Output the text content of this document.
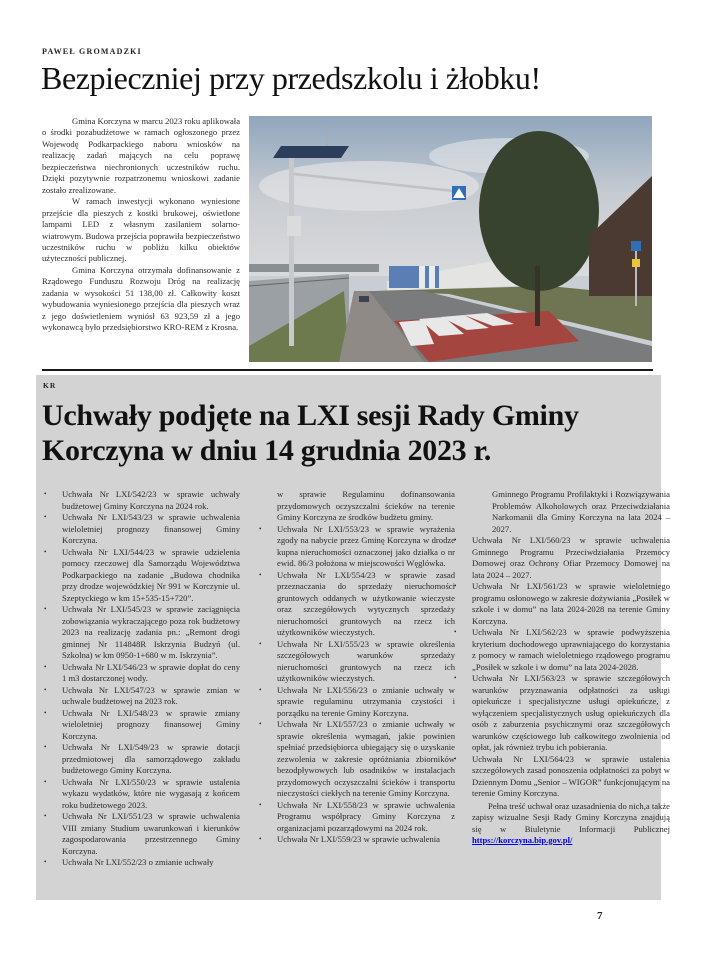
PAWEŁ GROMADZKI
Bezpieczniej przy przedszkolu i żłobku!

Gmina Korczyna w marcu 2023 roku aplikowała o środki pozabudżetowe w ramach ogłoszonego przez Wojewodę Podkarpackiego naboru wniosków na realizację zadań mających na celu poprawę bezpieczeństwa niechronionych uczestników ruchu. Dzięki pozytywnie rozpatrzonemu wnioskowi zadanie zostało zrealizowane.

W ramach inwestycji wykonano wyniesione przejście dla pieszych z kostki brukowej, oświetlone lampami LED z własnym zasilaniem solarno-wiatrowym. Budowa przejścia poprawiła bezpieczeństwo uczestników ruchu w pobliżu kilku obiektów użyteczności publicznej.

Gmina Korczyna otrzymała dofinansowanie z Rządowego Funduszu Rozwoju Dróg na realizację zadania w wysokości 51 138,00 zł. Całkowity koszt wybudowania wyniesionego przejścia dla pieszych wraz z jego doświetleniem wyniósł 63 923,59 zł a jego wykonawcą było przedsiębiorstwo KRO-REM z Krosna.

KR
Uchwały podjęte na LXI sesji Rady Gminy Korczyna w dniu 14 grudnia 2023 r.
• Uchwała Nr LXI/542/23 w sprawie uchwały budżetowej Gminy Korczyna na 2024 rok.
• Uchwała Nr LXI/543/23 w sprawie uchwalenia wieloletniej prognozy finansowej Gminy Korczyna.
• Uchwała Nr LXI/544/23 w sprawie udzielenia pomocy rzeczowej dla Samorządu Województwa Podkarpackiego na zadanie „Budowa chodnika przy drodze wojewódzkiej Nr 991 w Korczynie ul. Szeptyckiego w km 15+535-15+720”.
• Uchwała Nr LXI/545/23 w sprawie zaciągnięcia zobowiązania wykraczającego poza rok budżetowy 2023 na realizację zadania pn.: „Remont drogi gminnej Nr 114848R Iskrzynia Budzyń (ul. Szkolna) w km 0950-1+680 w m. Iskrzynia”.
• Uchwała Nr LXI/546/23 w sprawie dopłat do ceny 1 m3 dostarczonej wody.
• Uchwała Nr LXI/547/23 w sprawie zmian w uchwale budżetowej na 2023 rok.
• Uchwała Nr LXI/548/23 w sprawie zmiany wieloletniej prognozy finansowej Gminy Korczyna.
• Uchwała Nr LXI/549/23 w sprawie dotacji przedmiotowej dla samorządowego zakładu budżetowego Gminy Korczyna.
• Uchwała Nr LXI/550/23 w sprawie ustalenia wykazu wydatków, które nie wygasają z końcem roku budżetowego 2023.
• Uchwała Nr LXI/551/23 w sprawie uchwalenia VIII zmiany Studium uwarunkowań i kierunków zagospodarowania przestrzennego Gminy Korczyna.
• Uchwała Nr LXI/552/23 o zmianie uchwały
w sprawie Regulaminu dofinansowania przydomowych oczyszczalni ścieków na terenie Gminy Korczyna ze środków budżetu gminy.
• Uchwała Nr LXI/553/23 w sprawie wyrażenia zgody na nabycie przez Gminę Korczyna w drodze kupna nieruchomości oznaczonej jako działka o nr ewid. 86/3 położona w miejscowości Węglówka.
• Uchwała Nr LXI/554/23 w sprawie zasad przeznaczania do sprzedaży nieruchomości gruntowych oddanych w użytkowanie wieczyste oraz szczegółowych wytycznych sprzedaży nieruchomości gruntowych na rzecz ich użytkowników wieczystych.
• Uchwała Nr LXI/555/23 w sprawie określenia szczegółowych warunków sprzedaży nieruchomości gruntowych na rzecz ich użytkowników wieczystych.
• Uchwała Nr LXI/556/23 o zmianie uchwały w sprawie regulaminu utrzymania czystości i porządku na terenie Gminy Korczyna.
• Uchwała Nr LXI/557/23 o zmianie uchwały w sprawie określenia wymagań, jakie powinien spełniać przedsiębiorca ubiegający się o uzyskanie zezwolenia w zakresie opróżniania zbiorników bezodpływowych lub osadników w instalacjach przydomowych oczyszczalni ścieków i transportu nieczystości ciekłych na terenie Gminy Korczyna.
• Uchwała Nr LXI/558/23 w sprawie uchwalenia Programu współpracy Gminy Korczyna z organizacjami pozarządowymi na 2024 rok.
• Uchwała Nr LXI/559/23 w sprawie uchwalenia
Gminnego Programu Profilaktyki i Rozwiązywania Problemów Alkoholowych oraz Przeciwdziałania Narkomanii dla Gminy Korczyna na lata 2024 – 2027.
• Uchwała Nr LXI/560/23 w sprawie uchwalenia Gminnego Programu Przeciwdziałania Przemocy Domowej oraz Ochrony Ofiar Przemocy Domowej na lata 2024 – 2027.
• Uchwała Nr LXI/561/23 w sprawie wieloletniego programu osłonowego w zakresie dożywiania „Posiłek w szkole i w domu” na lata 2024-2028 na terenie Gminy Korczyna.
• Uchwała Nr LXI/562/23 w sprawie podwyższenia kryterium dochodowego uprawniającego do korzystania z pomocy w ramach wieloletniego rządowego programu „Posiłek w szkole i w domu” na lata 2024-2028.
• Uchwała Nr LXI/563/23 w sprawie szczegółowych warunków przyznawania odpłatności za usługi opiekuńcze i specjalistyczne usługi opiekuńcze, z wyłączeniem specjalistycznych usług opiekuńczych dla osób z zaburzenia psychicznymi oraz szczegółowych warunków częściowego lub całkowitego zwolnienia od opłat, jak również trybu ich pobierania.
• Uchwała Nr LXI/564/23 w sprawie ustalenia szczegółowych zasad ponoszenia odpłatności za pobyt w Dziennym Domu „Senior – WIGOR” funkcjonującym na terenie Gminy Korczyna.

Pełna treść uchwał oraz uzasadnienia do nich,a także zapisy wizualne Sesji Rady Gminy Korczyna znajdują się w Biuletynie Informacji Publicznej https://korczyna.bip.gov.pl/

7
